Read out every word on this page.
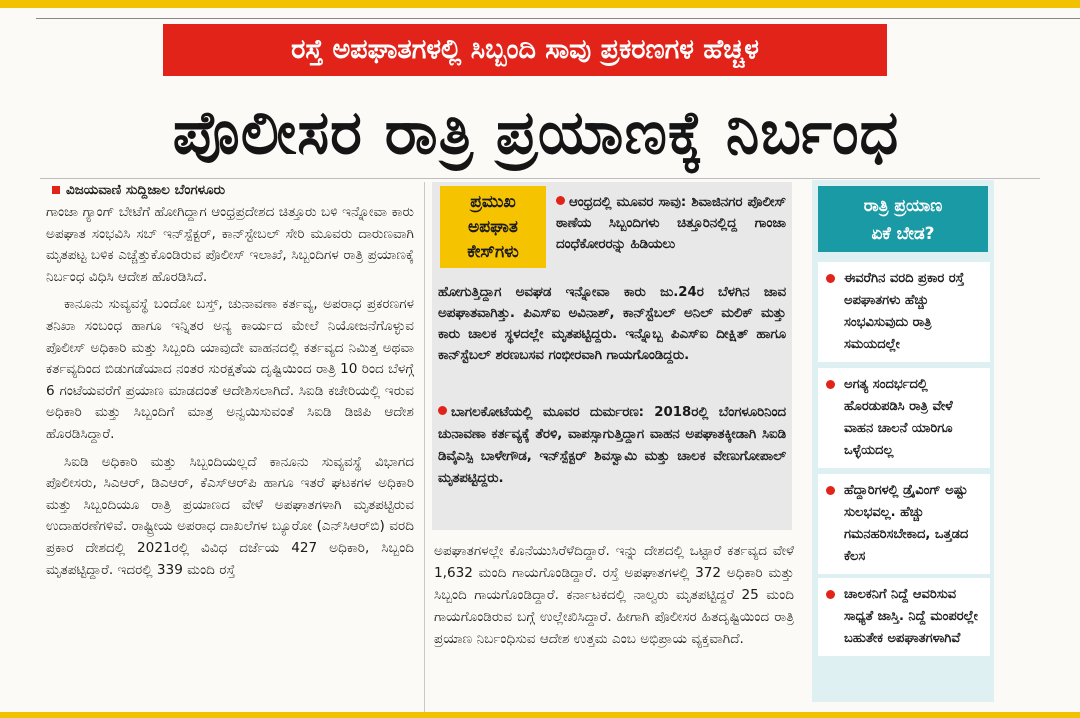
ರಸ್ತೆ ಅಪಘಾತಗಳಲ್ಲಿ ಸಿಬ್ಬಂದಿ ಸಾವು ಪ್ರಕರಣಗಳ ಹೆಚ್ಚಳ
ಪೊಲೀಸರ ರಾತ್ರಿ ಪ್ರಯಾಣಕ್ಕೆ ನಿರ್ಬಂಧ
ವಿಜಯವಾಣಿ ಸುದ್ದಿಜಾಲ ಬೆಂಗಳೂರು

ಗಾಂಜಾ ಗ್ಯಾಂಗ್ ಬೇಟೆಗೆ ಹೋಗಿದ್ದಾಗ ಆಂಧ್ರಪ್ರದೇಶದ ಚಿತ್ತೂರು ಬಳಿ ಇನ್ನೋವಾ ಕಾರು ಅಪಘಾತ ಸಂಭವಿಸಿ ಸಬ್ ಇನ್‌ಸ್ಪೆಕ್ಟರ್, ಕಾನ್‌ಸ್ಟೇಬಲ್ ಸೇರಿ ಮೂವರು ದಾರುಣವಾಗಿ ಮೃತಪಟ್ಟ ಬಳಿಕ ಎಚ್ಚೆತ್ತುಕೊಂಡಿರುವ ಪೊಲೀಸ್ ಇಲಾಖೆ, ಸಿಬ್ಬಂದಿಗಳ ರಾತ್ರಿ ಪ್ರಯಾಣಕ್ಕೆ ನಿರ್ಬಂಧ ವಿಧಿಸಿ ಆದೇಶ ಹೊರಡಿಸಿದೆ.

ಕಾನೂನು ಸುವ್ಯವಸ್ಥೆ ಬಂದೋ ಬಸ್ತ್, ಚುನಾವಣಾ ಕರ್ತವ್ಯ, ಅಪರಾಧ ಪ್ರಕರಣಗಳ ತನಿಖಾ ಸಂಬಂಧ ಹಾಗೂ ಇನ್ನಿತರ ಅನ್ಯ ಕಾರ್ಯದ ಮೇಲೆ ನಿಯೋಜನೆಗೊಳ್ಳುವ ಪೊಲೀಸ್ ಅಧಿಕಾರಿ ಮತ್ತು ಸಿಬ್ಬಂದಿ ಯಾವುದೇ ವಾಹನದಲ್ಲಿ ಕರ್ತವ್ಯದ ನಿಮಿತ್ತ ಅಥವಾ ಕರ್ತವ್ಯದಿಂದ ಬಿಡುಗಡೆಯಾದ ನಂತರ ಸುರಕ್ಷತೆಯ ದೃಷ್ಟಿಯಿಂದ ರಾತ್ರಿ 10 ರಿಂದ ಬೆಳಗ್ಗೆ 6 ಗಂಟೆಯವರೆಗೆ ಪ್ರಯಾಣ ಮಾಡದಂತೆ ಆದೇಶಿಸಲಾಗಿದೆ. ಸಿಐಡಿ ಕಚೇರಿಯಲ್ಲಿ ಇರುವ ಅಧಿಕಾರಿ ಮತ್ತು ಸಿಬ್ಬಂದಿಗೆ ಮಾತ್ರ ಅನ್ವಯಿಸುವಂತೆ ಸಿಐಡಿ ಡಿಜಿಪಿ ಆದೇಶ ಹೊರಡಿಸಿದ್ದಾರೆ.

ಸಿಐಡಿ ಅಧಿಕಾರಿ ಮತ್ತು ಸಿಬ್ಬಂದಿಯಲ್ಲದೆ ಕಾನೂನು ಸುವ್ಯವಸ್ಥೆ ವಿಭಾಗದ ಪೊಲೀಸರು, ಸಿಎಆರ್, ಡಿಎಆರ್, ಕೆಎಸ್‌ಆರ್‌ಪಿ ಹಾಗೂ ಇತರೆ ಘಟಕಗಳ ಅಧಿಕಾರಿ ಮತ್ತು ಸಿಬ್ಬಂದಿಯೂ ರಾತ್ರಿ ಪ್ರಯಾಣದ ವೇಳೆ ಅಪಘಾತಗಳಾಗಿ ಮೃತಪಟ್ಟಿರುವ ಉದಾಹರಣೆಗಳಿವೆ. ರಾಷ್ಟ್ರೀಯ ಅಪರಾಧ ದಾಖಲೆಗಳ ಬ್ಯೂರೋ (ಎನ್‌ಸಿಆರ್‌ಬಿ) ವರದಿ ಪ್ರಕಾರ ದೇಶದಲ್ಲಿ 2021ರಲ್ಲಿ ವಿವಿಧ ದರ್ಜೆಯ 427 ಅಧಿಕಾರಿ, ಸಿಬ್ಬಂದಿ ಮೃತಪಟ್ಟಿದ್ದಾರೆ. ಇದರಲ್ಲಿ 339 ಮಂದಿ ರಸ್ತೆ

ಪ್ರಮುಖ
ಅಪಘಾತ
ಕೇಸ್‌ಗಳು

ಆಂಧ್ರದಲ್ಲಿ ಮೂವರ ಸಾವು: ಶಿವಾಜಿನಗರ ಪೊಲೀಸ್ ಠಾಣೆಯ ಸಿಬ್ಬಂದಿಗಳು ಚಿತ್ತೂರಿನಲ್ಲಿದ್ದ ಗಾಂಜಾ ದಂಧೆಕೋರರನ್ನು ಹಿಡಿಯಲು

ಹೋಗುತ್ತಿದ್ದಾಗ ಅವಘಡ ಇನ್ನೋವಾ ಕಾರು ಜು.24ರ ಬೆಳಗಿನ ಜಾವ ಅಪಘಾತವಾಗಿತ್ತು. ಪಿಎಸ್‌ಐ ಅವಿನಾಶ್, ಕಾನ್‌ಸ್ಟೆಬಲ್ ಅನಿಲ್ ಮಲಿಕ್ ಮತ್ತು ಕಾರು ಚಾಲಕ ಸ್ಥಳದಲ್ಲೇ ಮೃತಪಟ್ಟಿದ್ದರು. ಇನ್ನೊಬ್ಬ ಪಿಎಸ್‌ಐ ದೀಕ್ಷಿತ್ ಹಾಗೂ ಕಾನ್‌ಸ್ಟೆಬಲ್ ಶರಣಬಸವ ಗಂಭೀರವಾಗಿ ಗಾಯಗೊಂಡಿದ್ದರು.

ಬಾಗಲಕೋಟೆಯಲ್ಲಿ ಮೂವರ ದುರ್ಮರಣ: 2018ರಲ್ಲಿ ಬೆಂಗಳೂರಿನಿಂದ ಚುನಾವಣಾ ಕರ್ತವ್ಯಕ್ಕೆ ತೆರಳಿ, ವಾಪಸ್ಸಾಗುತ್ತಿದ್ದಾಗ ವಾಹನ ಅಪಘಾತಕ್ಕೀಡಾಗಿ ಸಿಐಡಿ ಡಿವೈಎಸ್ಪಿ ಬಾಳೇಗೌಡ, ಇನ್‌ಸ್ಪೆಕ್ಟರ್ ಶಿವಸ್ವಾಮಿ ಮತ್ತು ಚಾಲಕ ವೇಣುಗೋಪಾಲ್ ಮೃತಪಟ್ಟಿದ್ದರು.

ಅಪಘಾತಗಳಲ್ಲೇ ಕೊನೆಯುಸಿರೆಳೆದಿದ್ದಾರೆ. ಇನ್ನು ದೇಶದಲ್ಲಿ ಒಟ್ಟಾರೆ ಕರ್ತವ್ಯದ ವೇಳೆ 1,632 ಮಂದಿ ಗಾಯಗೊಂಡಿದ್ದಾರೆ. ರಸ್ತೆ ಅಪಘಾತಗಳಲ್ಲಿ 372 ಅಧಿಕಾರಿ ಮತ್ತು ಸಿಬ್ಬಂದಿ ಗಾಯಗೊಂಡಿದ್ದಾರೆ. ಕರ್ನಾಟಕದಲ್ಲಿ ನಾಲ್ವರು ಮೃತಪಟ್ಟಿದ್ದರೆ 25 ಮಂದಿ ಗಾಯಗೊಂಡಿರುವ ಬಗ್ಗೆ ಉಲ್ಲೇಖಿಸಿದ್ದಾರೆ. ಹೀಗಾಗಿ ಪೊಲೀಸರ ಹಿತದೃಷ್ಟಿಯಿಂದ ರಾತ್ರಿ ಪ್ರಯಾಣ ನಿರ್ಬಂಧಿಸುವ ಆದೇಶ ಉತ್ತಮ ಎಂಬ ಅಭಿಪ್ರಾಯ ವ್ಯಕ್ತವಾಗಿದೆ.

ರಾತ್ರಿ ಪ್ರಯಾಣ
ಏಕೆ ಬೇಡ?
ಈವರೆಗಿನ ವರದಿ ಪ್ರಕಾರ ರಸ್ತೆ ಅಪಘಾತಗಳು ಹೆಚ್ಚು ಸಂಭವಿಸುವುದು ರಾತ್ರಿ ಸಮಯದಲ್ಲೇ
ಅಗತ್ಯ ಸಂದರ್ಭದಲ್ಲಿ ಹೊರಡುಪಡಿಸಿ ರಾತ್ರಿ ವೇಳೆ ವಾಹನ ಚಾಲನೆ ಯಾರಿಗೂ ಒಳ್ಳೆಯದಲ್ಲ
ಹೆದ್ದಾರಿಗಳಲ್ಲಿ ಡ್ರೈವಿಂಗ್ ಅಷ್ಟು ಸುಲಭವಲ್ಲ. ಹೆಚ್ಚು ಗಮನಹರಿಸಬೇಕಾದ, ಒತ್ತಡದ ಕೆಲಸ
ಚಾಲಕನಿಗೆ ನಿದ್ದೆ ಆವರಿಸುವ ಸಾಧ್ಯತೆ ಜಾಸ್ತಿ. ನಿದ್ದೆ ಮಂಪರಲ್ಲೇ ಬಹುತೇಕ ಅಪಘಾತಗಳಾಗಿವೆ
